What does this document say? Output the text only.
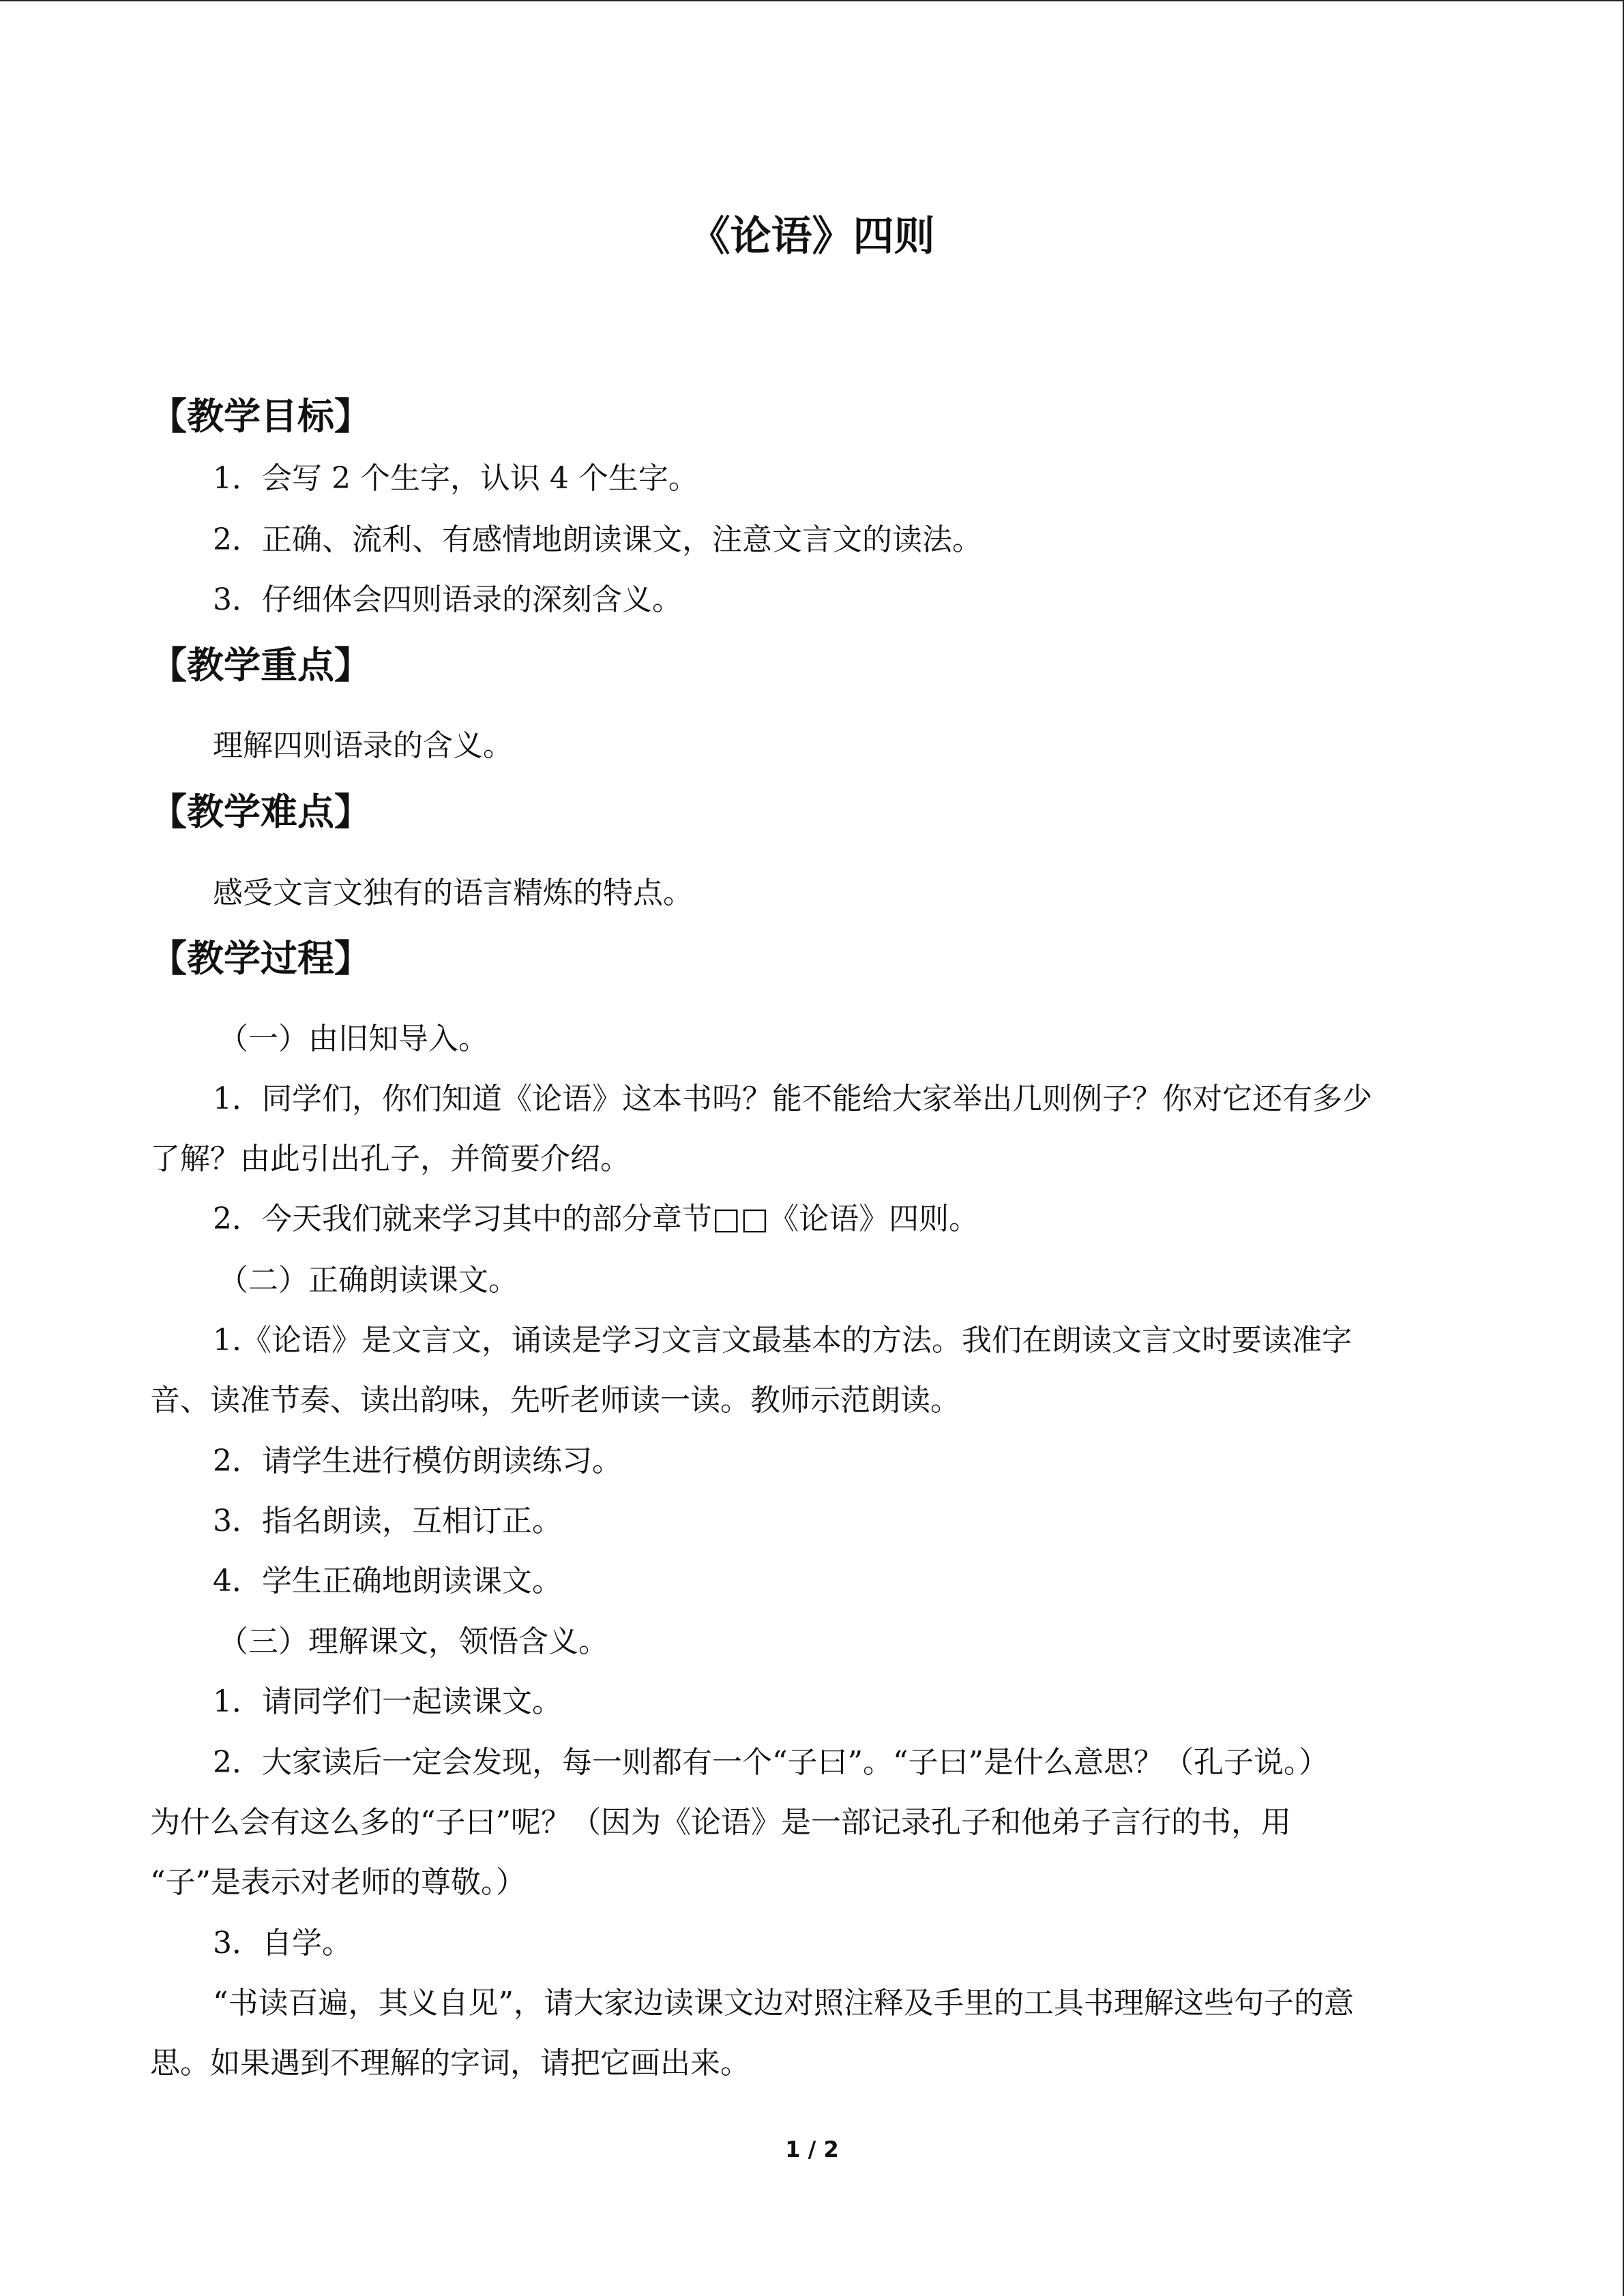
《论语》四则
【教学目标】
1．会写 2 个生字，认识 4 个生字。
2．正确、流利、有感情地朗读课文，注意文言文的读法。
3．仔细体会四则语录的深刻含义。
【教学重点】
理解四则语录的含义。
【教学难点】
感受文言文独有的语言精炼的特点。
【教学过程】
（一）由旧知导入。
1．同学们，你们知道《论语》这本书吗？能不能给大家举出几则例子？你对它还有多少
了解？由此引出孔子，并简要介绍。
2．今天我们就来学习其中的部分章节□□《论语》四则。
（二）正确朗读课文。
1.《论语》是文言文，诵读是学习文言文最基本的方法。我们在朗读文言文时要读准字
音、读准节奏、读出韵味，先听老师读一读。教师示范朗读。
2．请学生进行模仿朗读练习。
3．指名朗读，互相订正。
4．学生正确地朗读课文。
（三）理解课文，领悟含义。
1．请同学们一起读课文。
2．大家读后一定会发现，每一则都有一个“子曰”。“子曰”是什么意思？（孔子说。）
为什么会有这么多的“子曰”呢？（因为《论语》是一部记录孔子和他弟子言行的书，用
“子”是表示对老师的尊敬。）
3．自学。
“书读百遍，其义自见”，请大家边读课文边对照注释及手里的工具书理解这些句子的意
思。如果遇到不理解的字词，请把它画出来。
1 / 2
